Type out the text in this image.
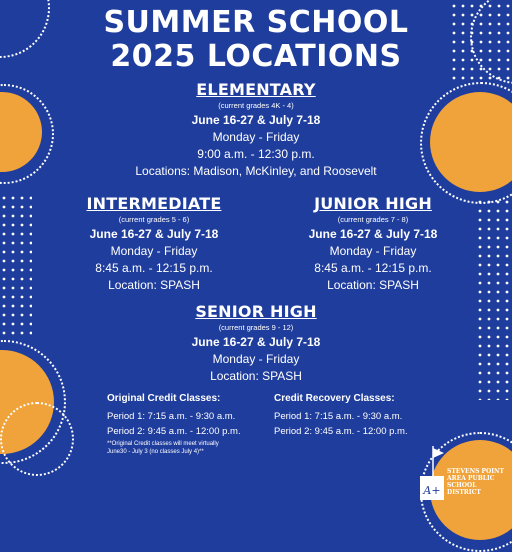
SUMMER SCHOOL
2025 LOCATIONS
ELEMENTARY
(current grades 4K - 4)
June 16-27 & July 7-18
Monday - Friday
9:00 a.m. - 12:30 p.m.
Locations: Madison, McKinley, and Roosevelt
INTERMEDIATE
(current grades 5 - 6)
June 16-27 & July 7-18
Monday - Friday
8:45 a.m. - 12:15 p.m.
Location: SPASH
JUNIOR HIGH
(current grades 7 - 8)
June 16-27 & July 7-18
Monday - Friday
8:45 a.m. - 12:15 p.m.
Location: SPASH
SENIOR HIGH
(current grades 9 - 12)
June 16-27 & July 7-18
Monday - Friday
Location: SPASH
Original Credit Classes:
Period 1: 7:15 a.m. - 9:30 a.m.
Period 2: 9:45 a.m. - 12:00 p.m.
**Original Credit classes will meet virtually
June30 - July 3 (no classes July 4)**
Credit Recovery Classes:
Period 1: 7:15 a.m. - 9:30 a.m.
Period 2: 9:45 a.m. - 12:00 p.m.
A+
STEVENS POINT
AREA PUBLIC
SCHOOL DISTRICT
